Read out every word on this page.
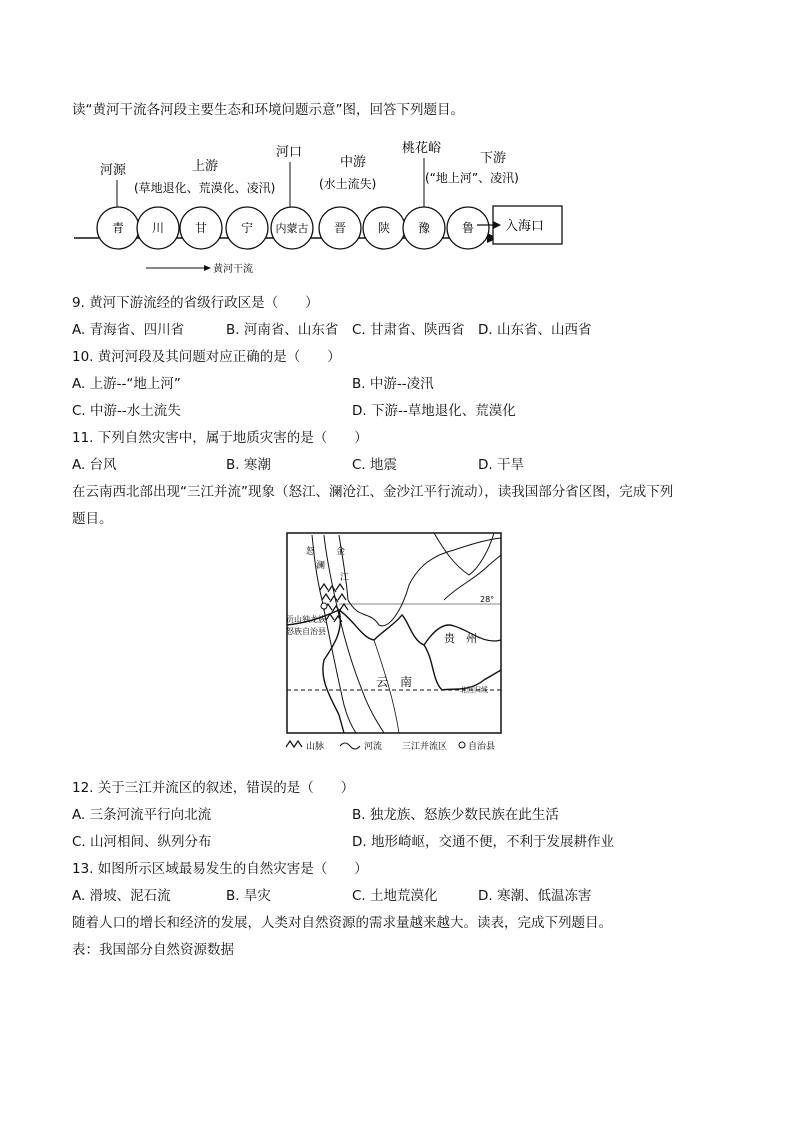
读“黄河干流各河段主要生态和环境问题示意”图，回答下列题目。
河源	上游
(草地退化、荒漠化、凌汛)
河口
中游
(水土流失)
桃花峪
下游
(“地上河”、凌汛)
青 川	甘	宁 内蒙古 晋	陕 豫	鲁 入海口
黄河干流
9. 黄河下游流经的省级行政区是（　　）
A. 青海省、四川省	B. 河南省、山东省 C. 甘肃省、陕西省 D. 山东省、山西省
10. 黄河河段及其问题对应正确的是（　　）
A. 上游--“地上河”	B. 中游--凌汛
C. 中游--水土流失	D. 下游--草地退化、荒漠化
11. 下列自然灾害中，属于地质灾害的是（　　）
A. 台风	B. 寒潮	C. 地震	D. 干旱
在云南西北部出现“三江并流”现象（怒江、澜沧江、金沙江平行流动），读我国部分省区图，完成下列
题目。
28°
北回归线
怒
澜
金
江
贡山独龙族
怒族自治县
贵　州
云　南
山脉	河流 三江并流区 自治县
12. 关于三江并流区的叙述，错误的是（　　）
A. 三条河流平行向北流	B. 独龙族、怒族少数民族在此生活
C. 山河相间、纵列分布	D. 地形崎岖，交通不便，不利于发展耕作业
13. 如图所示区域最易发生的自然灾害是（　　）
A. 滑坡、泥石流	B. 旱灾	C. 土地荒漠化	D. 寒潮、低温冻害
随着人口的增长和经济的发展，人类对自然资源的需求量越来越大。读表，完成下列题目。
表：我国部分自然资源数据
